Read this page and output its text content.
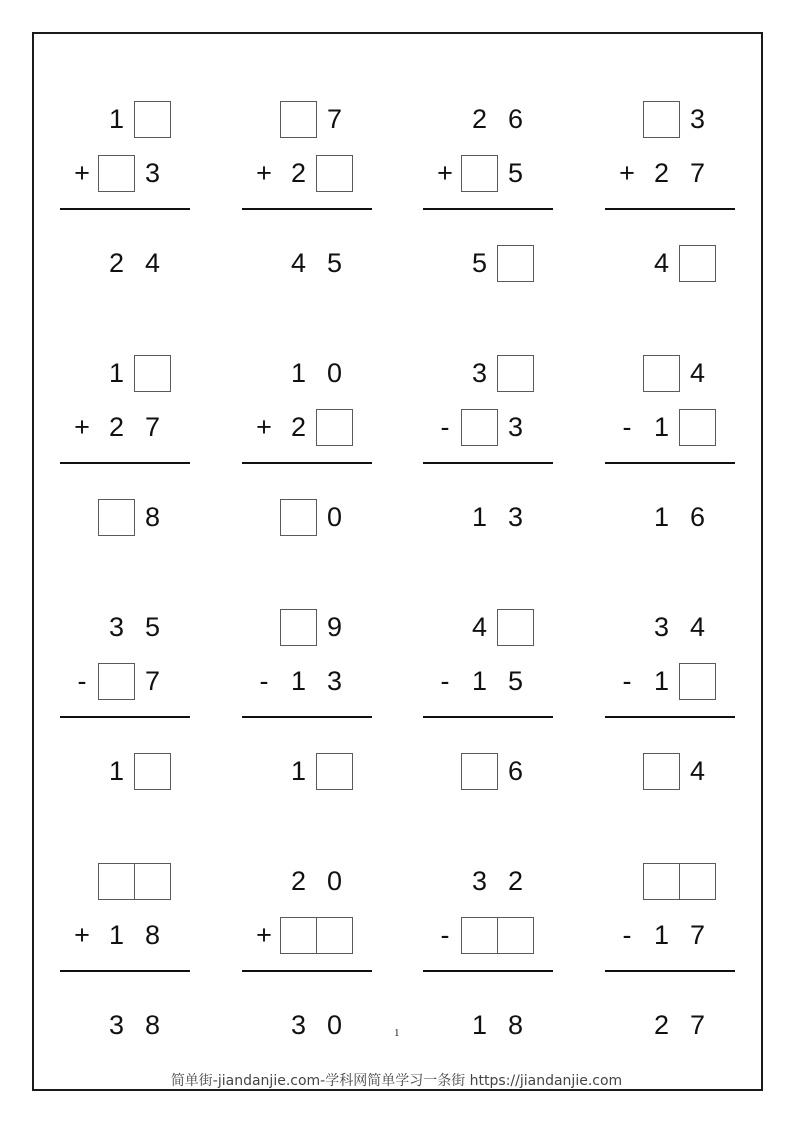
1
+	3
2 4
7
+ 2
4 5
2 6
+	5
5
3
+ 2 7
4
1
+ 2 7
8
1 0
+ 2
0
3
-	3
1 3
4
- 1
1 6
3 5
-	7
1
9
- 1 3
1
4
- 1 5
6
3 4
- 1
4
+ 1 8
3 8
2 0
+
3 0
3 2
-
1 8
- 1 7
2 7
1
简单街-jiandanjie.com-学科网简单学习一条街 https://jiandanjie.com
